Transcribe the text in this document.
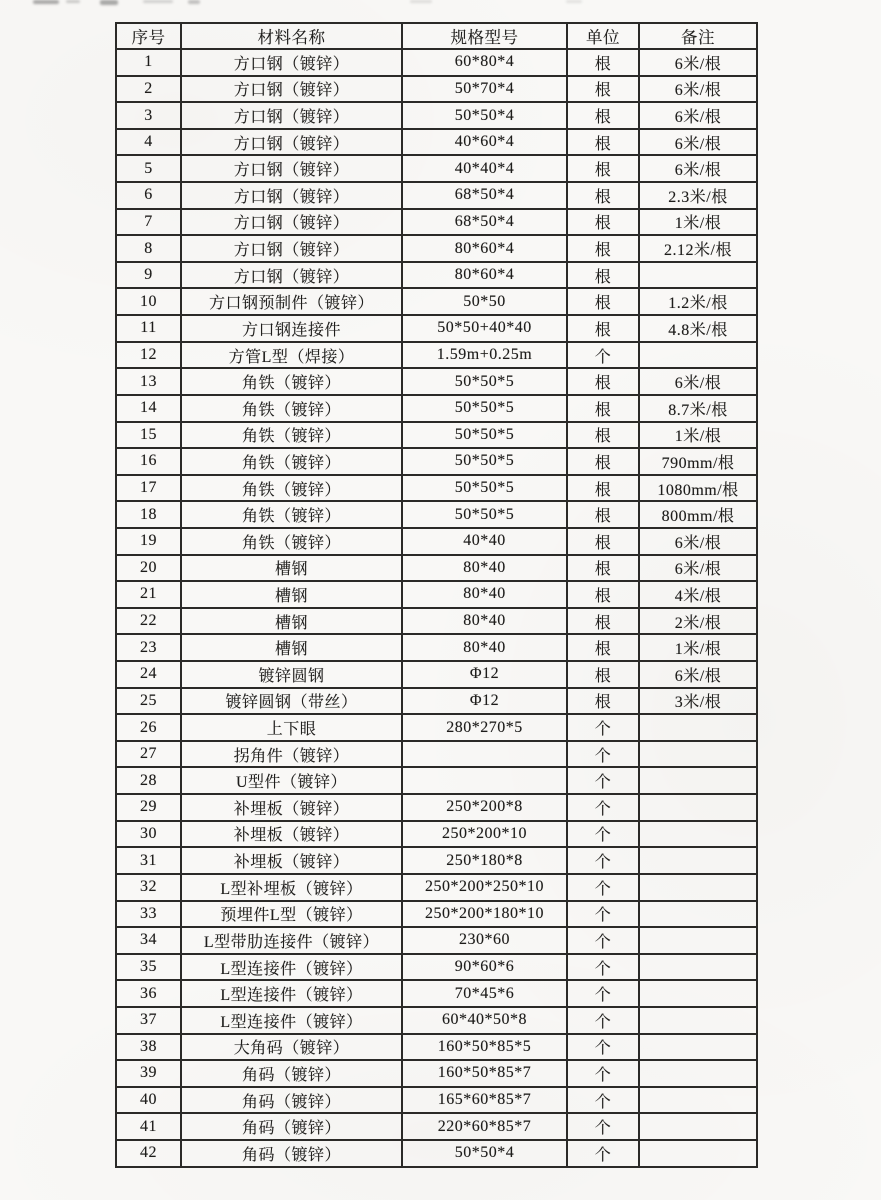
序号	材料名称	规格型号	单位	备注
1	方口钢（镀锌）	60*80*4	根	6米/根
2	方口钢（镀锌）	50*70*4	根	6米/根
3	方口钢（镀锌）	50*50*4	根	6米/根
4	方口钢（镀锌）	40*60*4	根	6米/根
5	方口钢（镀锌）	40*40*4	根	6米/根
6	方口钢（镀锌）	68*50*4	根	2.3米/根
7	方口钢（镀锌）	68*50*4	根	1米/根
8	方口钢（镀锌）	80*60*4	根	2.12米/根
9	方口钢（镀锌）	80*60*4	根	
10	方口钢预制件（镀锌）	50*50	根	1.2米/根
11	方口钢连接件	50*50+40*40	根	4.8米/根
12	方管L型（焊接）	1.59m+0.25m	个	
13	角铁（镀锌）	50*50*5	根	6米/根
14	角铁（镀锌）	50*50*5	根	8.7米/根
15	角铁（镀锌）	50*50*5	根	1米/根
16	角铁（镀锌）	50*50*5	根	790mm/根
17	角铁（镀锌）	50*50*5	根	1080mm/根
18	角铁（镀锌）	50*50*5	根	800mm/根
19	角铁（镀锌）	40*40	根	6米/根
20	槽钢	80*40	根	6米/根
21	槽钢	80*40	根	4米/根
22	槽钢	80*40	根	2米/根
23	槽钢	80*40	根	1米/根
24	镀锌圆钢	Φ12	根	6米/根
25	镀锌圆钢（带丝）	Φ12	根	3米/根
26	上下眼	280*270*5	个	
27	拐角件（镀锌）		个	
28	U型件（镀锌）		个	
29	补埋板（镀锌）	250*200*8	个	
30	补埋板（镀锌）	250*200*10	个	
31	补埋板（镀锌）	250*180*8	个	
32	L型补埋板（镀锌）	250*200*250*10	个	
33	预埋件L型（镀锌）	250*200*180*10	个	
34	L型带肋连接件（镀锌）	230*60	个	
35	L型连接件（镀锌）	90*60*6	个	
36	L型连接件（镀锌）	70*45*6	个	
37	L型连接件（镀锌）	60*40*50*8	个	
38	大角码（镀锌）	160*50*85*5	个	
39	角码（镀锌）	160*50*85*7	个	
40	角码（镀锌）	165*60*85*7	个	
41	角码（镀锌）	220*60*85*7	个	
42	角码（镀锌）	50*50*4	个	
